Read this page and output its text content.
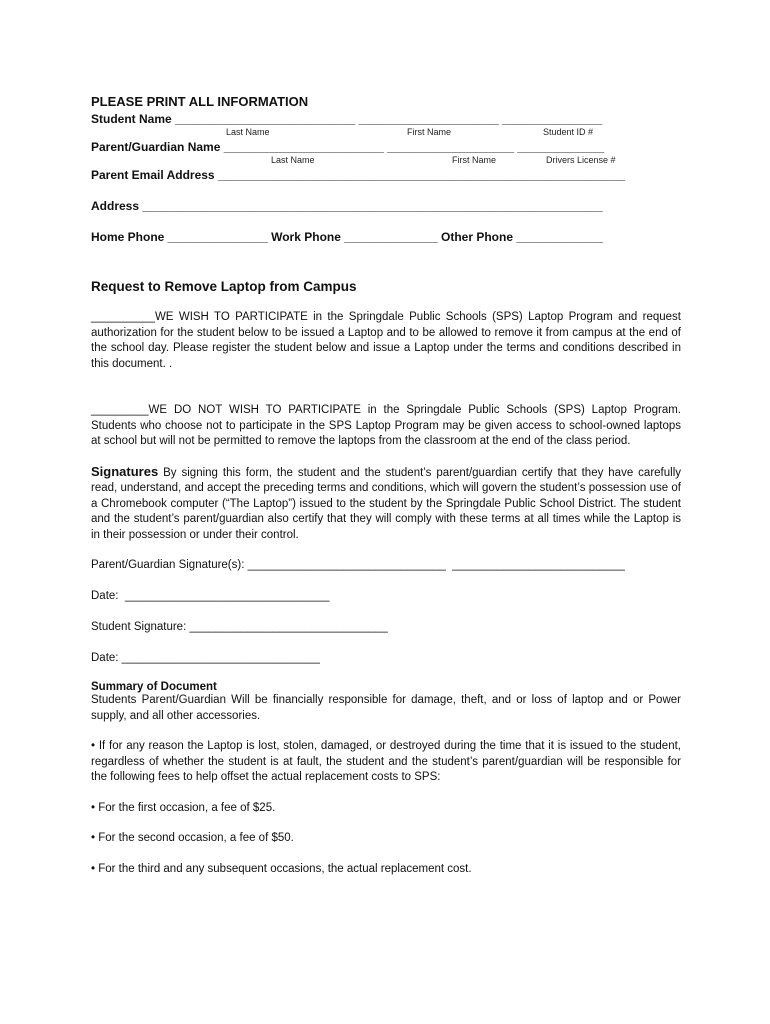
PLEASE PRINT ALL INFORMATION
Student Name ___________________________ _____________________ _______________
Last Name	First Name	Student ID #
Parent/Guardian Name ________________________ ___________________ _____________
Last Name	First Name	Drivers License #
Parent Email Address _____________________________________________________________
Address _____________________________________________________________________
Home Phone _______________ Work Phone ______________ Other Phone _____________
Request to Remove Laptop from Campus

__________WE WISH TO PARTICIPATE in the Springdale Public Schools (SPS) Laptop Program and request authorization for the student below to be issued a Laptop and to be allowed to remove it from campus at the end of the school day. Please register the student below and issue a Laptop under the terms and conditions described in this document. .

_________WE DO NOT WISH TO PARTICIPATE in the Springdale Public Schools (SPS) Laptop Program. Students who choose not to participate in the SPS Laptop Program may be given access to school-owned laptops at school but will not be permitted to remove the laptops from the classroom at the end of the class period.

Signatures By signing this form, the student and the student’s parent/guardian certify that they have carefully read, understand, and accept the preceding terms and conditions, which will govern the student’s possession use of a Chromebook computer (“The Laptop”) issued to the student by the Springdale Public School District. The student and the student’s parent/guardian also certify that they will comply with these terms at all times while the Laptop is in their possession or under their control.

Parent/Guardian Signature(s): _______________________________  ___________________________
Date:  ________________________________
Student Signature: _______________________________
Date: _______________________________
Summary of Document

Students Parent/Guardian Will be financially responsible for damage, theft, and or loss of laptop and or Power supply, and all other accessories.

• If for any reason the Laptop is lost, stolen, damaged, or destroyed during the time that it is issued to the student, regardless of whether the student is at fault, the student and the student’s parent/guardian will be responsible for the following fees to help offset the actual replacement costs to SPS:

• For the first occasion, a fee of $25.

• For the second occasion, a fee of $50.

• For the third and any subsequent occasions, the actual replacement cost.
